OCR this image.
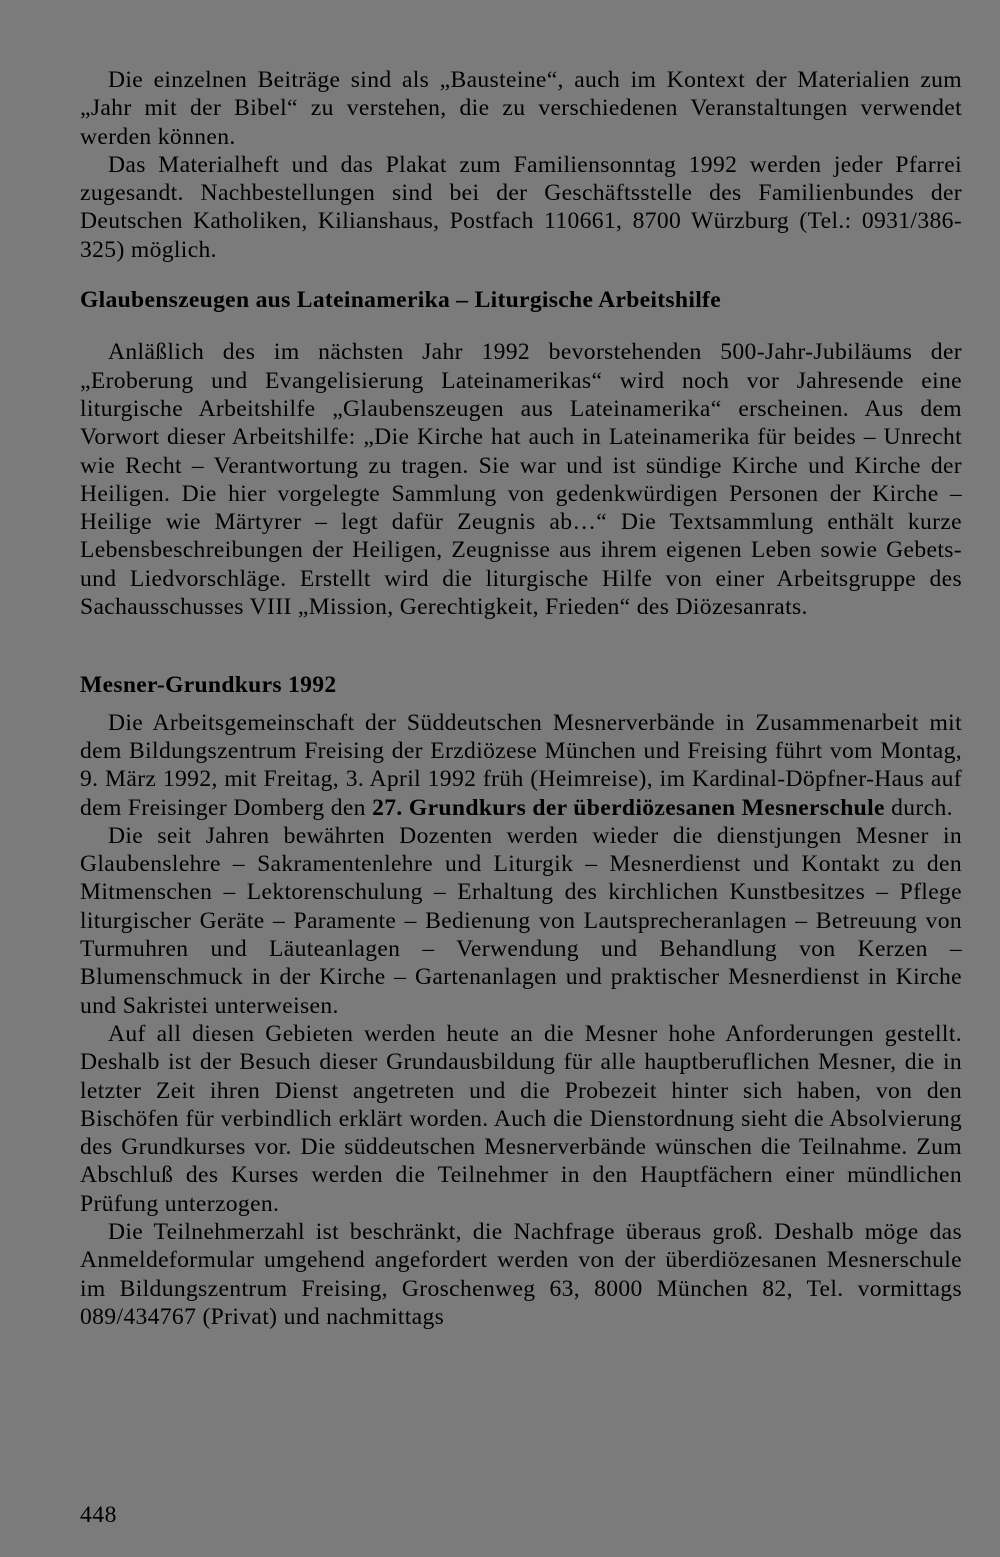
Die einzelnen Beiträge sind als „Bausteine“, auch im Kontext der Materialien zum „Jahr mit der Bibel“ zu verstehen, die zu verschiedenen Veranstaltungen verwendet werden können.

Das Materialheft und das Plakat zum Familiensonntag 1992 werden jeder Pfarrei zugesandt. Nachbestellungen sind bei der Geschäftsstelle des Familienbundes der Deutschen Katholiken, Kilianshaus, Postfach 110661, 8700 Würzburg (Tel.: 0931/386-325) möglich.

Glaubenszeugen aus Lateinamerika – Liturgische Arbeitshilfe

Anläßlich des im nächsten Jahr 1992 bevorstehenden 500-Jahr-Jubiläums der „Eroberung und Evangelisierung Lateinamerikas“ wird noch vor Jahresende eine liturgische Arbeitshilfe „Glaubenszeugen aus Lateinamerika“ erscheinen. Aus dem Vorwort dieser Arbeitshilfe: „Die Kirche hat auch in Lateinamerika für beides – Unrecht wie Recht – Verantwortung zu tragen. Sie war und ist sündige Kirche und Kirche der Heiligen. Die hier vorgelegte Sammlung von gedenkwürdigen Personen der Kirche – Heilige wie Märtyrer – legt dafür Zeugnis ab…“ Die Textsammlung enthält kurze Lebensbeschreibungen der Heiligen, Zeugnisse aus ihrem eigenen Leben sowie Gebets- und Liedvorschläge. Erstellt wird die liturgische Hilfe von einer Arbeitsgruppe des Sachausschusses VIII „Mission, Gerechtigkeit, Frieden“ des Diözesanrats.

Mesner-Grundkurs 1992

Die Arbeitsgemeinschaft der Süddeutschen Mesnerverbände in Zusammenarbeit mit dem Bildungszentrum Freising der Erzdiözese München und Freising führt vom Montag, 9. März 1992, mit Freitag, 3. April 1992 früh (Heimreise), im Kardinal-Döpfner-Haus auf dem Freisinger Domberg den 27. Grundkurs der überdiözesanen Mesnerschule durch.

Die seit Jahren bewährten Dozenten werden wieder die dienstjungen Mesner in Glaubenslehre – Sakramentenlehre und Liturgik – Mesnerdienst und Kontakt zu den Mitmenschen – Lektorenschulung – Erhaltung des kirchlichen Kunstbesitzes – Pflege liturgischer Geräte – Paramente – Bedienung von Lautsprecheranlagen – Betreuung von Turmuhren und Läuteanlagen – Verwendung und Behandlung von Kerzen – Blumenschmuck in der Kirche – Gartenanlagen und praktischer Mesnerdienst in Kirche und Sakristei unterweisen.

Auf all diesen Gebieten werden heute an die Mesner hohe Anforderungen gestellt. Deshalb ist der Besuch dieser Grundausbildung für alle hauptberuflichen Mesner, die in letzter Zeit ihren Dienst angetreten und die Probezeit hinter sich haben, von den Bischöfen für verbindlich erklärt worden. Auch die Dienstordnung sieht die Absolvierung des Grundkurses vor. Die süddeutschen Mesnerverbände wünschen die Teilnahme. Zum Abschluß des Kurses werden die Teilnehmer in den Hauptfächern einer mündlichen Prüfung unterzogen.

Die Teilnehmerzahl ist beschränkt, die Nachfrage überaus groß. Deshalb möge das Anmeldeformular umgehend angefordert werden von der überdiözesanen Mesnerschule im Bildungszentrum Freising, Groschenweg 63, 8000 München 82, Tel. vormittags 089/434767 (Privat) und nachmittags

448
